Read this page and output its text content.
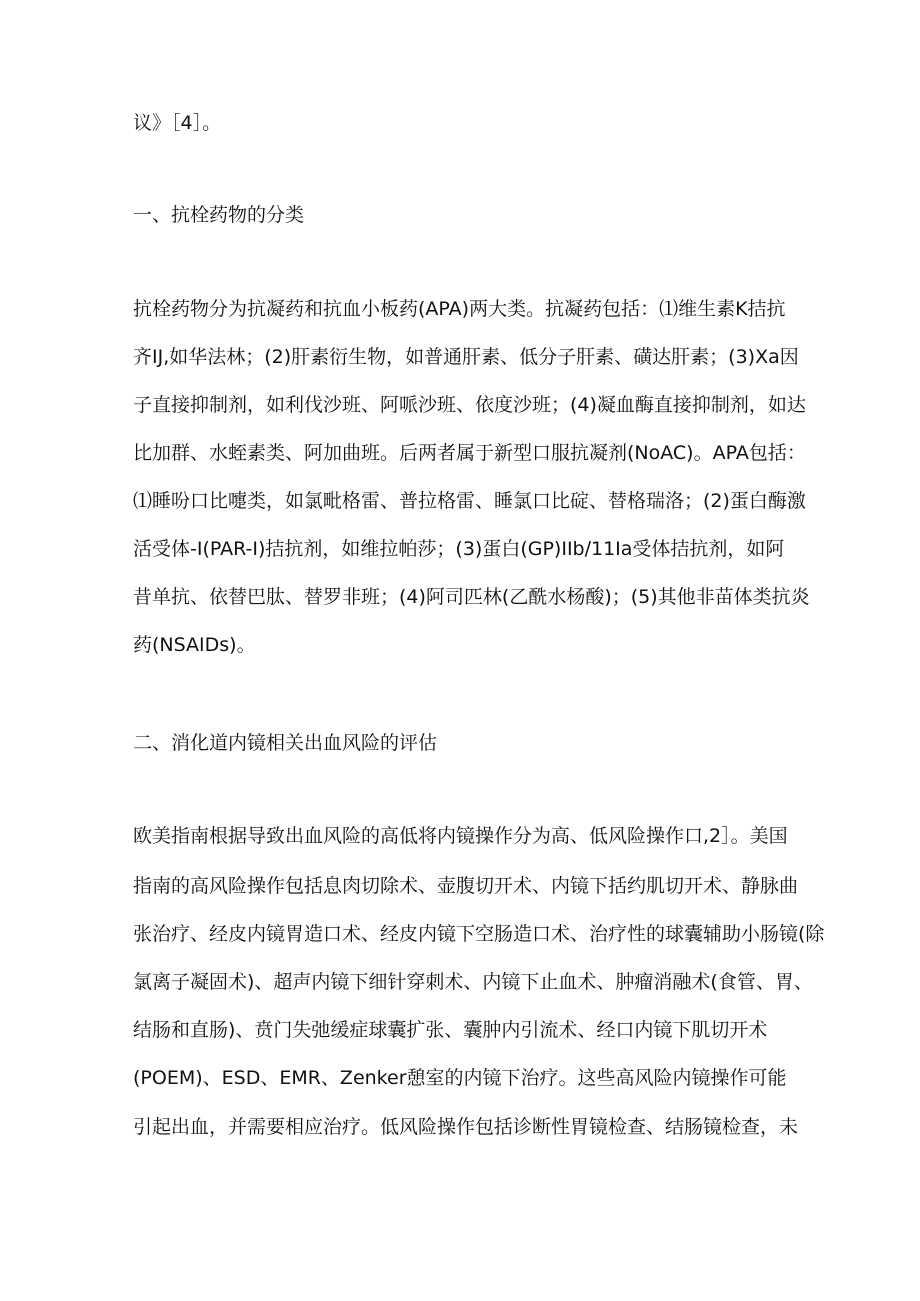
议》［4］。
一、抗栓药物的分类
抗栓药物分为抗凝药和抗血小板药(APA)两大类。抗凝药包括：⑴维生素K拮抗
齐IJ,如华法林；(2)肝素衍生物，如普通肝素、低分子肝素、磺达肝素；(3)Xa因
子直接抑制剂，如利伐沙班、阿哌沙班、依度沙班；(4)凝血酶直接抑制剂，如达
比加群、水蛭素类、阿加曲班。后两者属于新型口服抗凝剂(NoAC)。APA包括：
⑴睡吩口比嚏类，如氯毗格雷、普拉格雷、睡氯口比碇、替格瑞洛；(2)蛋白酶激
活受体-I(PAR-I)拮抗剂，如维拉帕莎；(3)蛋白(GP)IIb∕11Ia受体拮抗剂，如阿
昔单抗、依替巴肽、替罗非班；(4)阿司匹林(乙酰水杨酸)；(5)其他非苗体类抗炎
药(NSAIDs)。
二、消化道内镜相关出血风险的评估
欧美指南根据导致出血风险的高低将内镜操作分为高、低风险操作口,2］。美国
指南的高风险操作包括息肉切除术、壶腹切开术、内镜下括约肌切开术、静脉曲
张治疗、经皮内镜胃造口术、经皮内镜下空肠造口术、治疗性的球囊辅助小肠镜(除
氯离子凝固术)、超声内镜下细针穿刺术、内镜下止血术、肿瘤消融术(食管、胃、
结肠和直肠)、贲门失弛缓症球囊扩张、囊肿内引流术、经口内镜下肌切开术
(POEM)、ESD、EMR、Zenker憩室的内镜下治疗。这些高风险内镜操作可能
引起出血，并需要相应治疗。低风险操作包括诊断性胃镜检查、结肠镜检查，未
